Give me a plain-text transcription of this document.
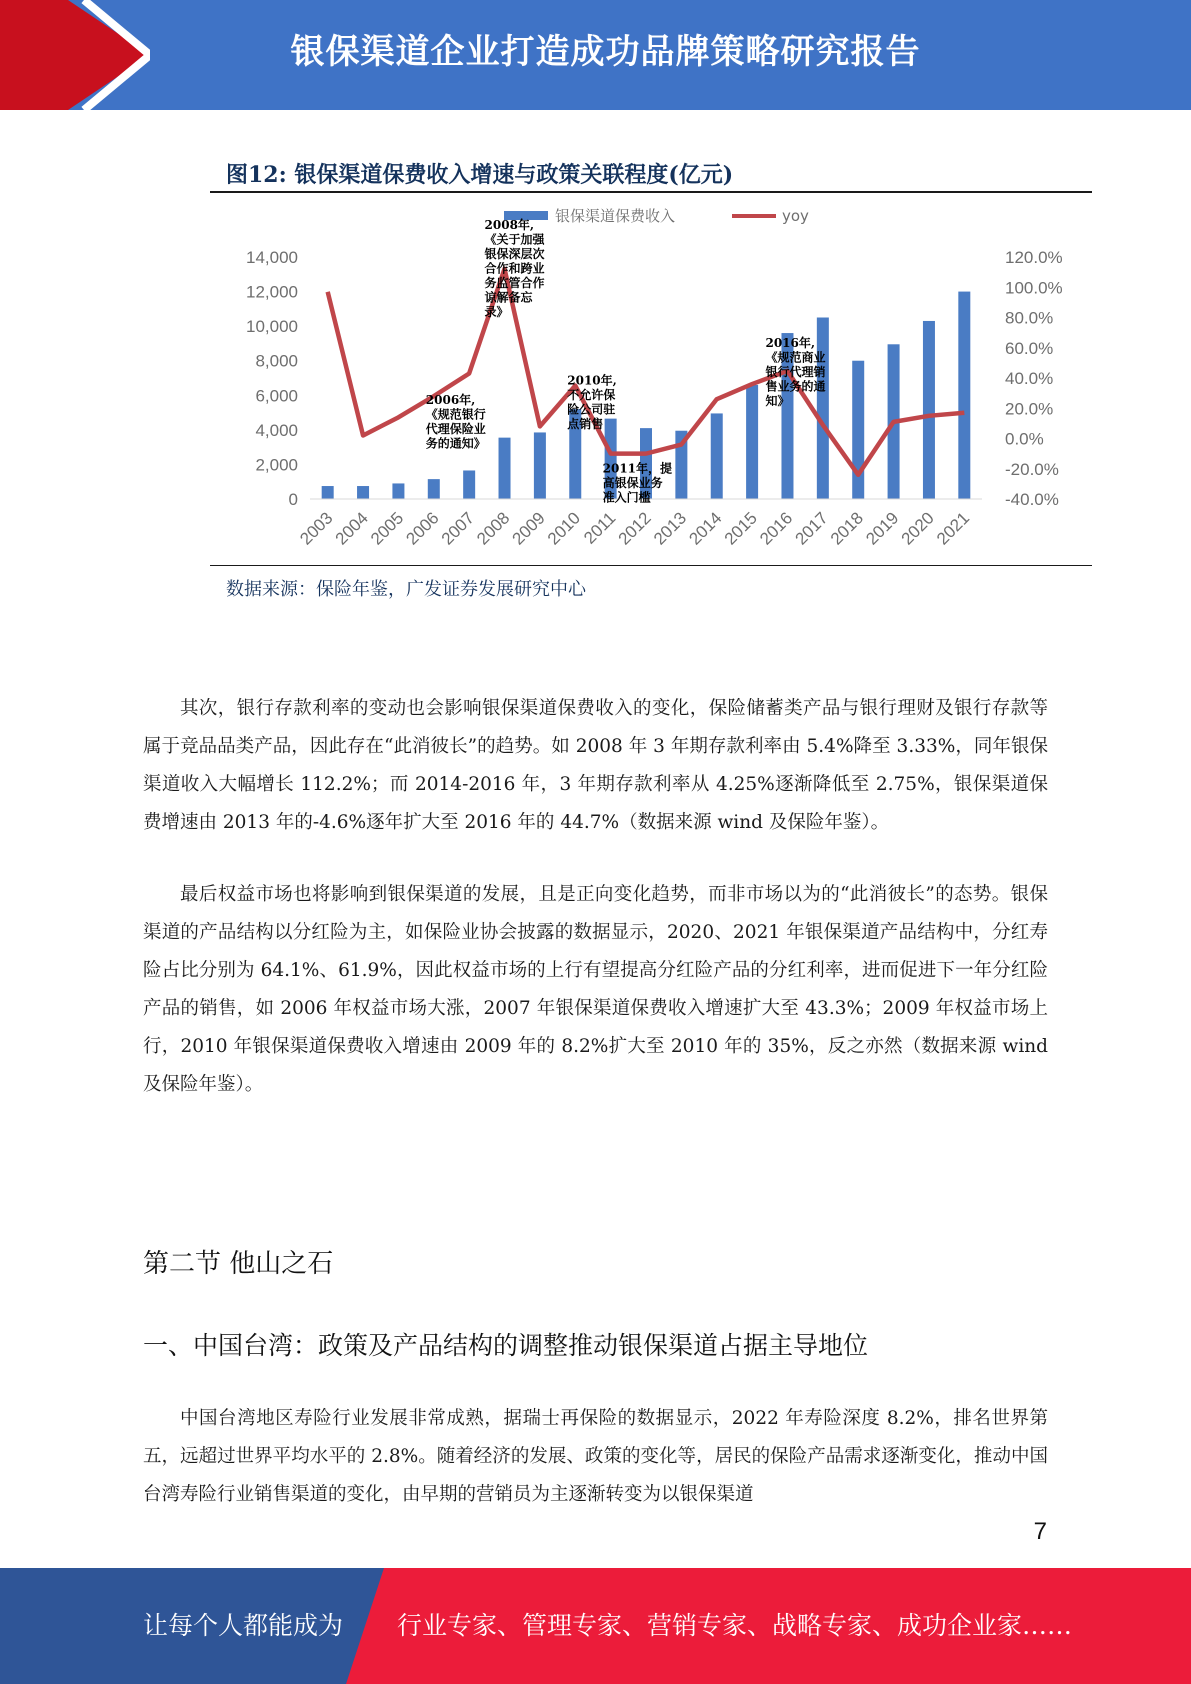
银保渠道企业打造成功品牌策略研究报告
图12: 银保渠道保费收入增速与政策关联程度(亿元)
银保渠道保费收入	yoy
0
2,000
4,000
6,000
8,000
10,000
12,000
14,000
-40.0%
-20.0%
0.0%
20.0%
40.0%
60.0%
80.0%
100.0%
120.0%
2003
2004
2005
2006
2007
2008
2009
2010
2011
2012
2013
2014
2015
2016
2017
2018
2019
2020
2021
2006年,
《规范银行
代理保险业
务的通知》
2008年,
《关于加强
银保深层次
合作和跨业
务监管合作
谅解备忘
录》
2010年,
不允许保
险公司驻
点销售
2011年，提
高银保业务
准入门槛
2016年,
《规范商业
银行代理销
售业务的通
知》
数据来源：保险年鉴，广发证券发展研究中心

其次，银行存款利率的变动也会影响银保渠道保费收入的变化，保险储蓄类产品与银行理财及银行存款等属于竞品品类产品，因此存在“此消彼长”的趋势。如 2008 年 3 年期存款利率由 5.4%降至 3.33%，同年银保渠道收入大幅增长 112.2%；而 2014-2016 年，3 年期存款利率从 4.25%逐渐降低至 2.75%，银保渠道保费增速由 2013 年的-4.6%逐年扩大至 2016 年的 44.7%（数据来源 wind 及保险年鉴）。

最后权益市场也将影响到银保渠道的发展，且是正向变化趋势，而非市场以为的“此消彼长”的态势。银保渠道的产品结构以分红险为主，如保险业协会披露的数据显示，2020、2021 年银保渠道产品结构中，分红寿险占比分别为 64.1%、61.9%，因此权益市场的上行有望提高分红险产品的分红利率，进而促进下一年分红险产品的销售，如 2006 年权益市场大涨，2007 年银保渠道保费收入增速扩大至 43.3%；2009 年权益市场上行，2010 年银保渠道保费收入增速由 2009 年的 8.2%扩大至 2010 年的 35%，反之亦然（数据来源 wind 及保险年鉴）。

第二节 他山之石
一、中国台湾：政策及产品结构的调整推动银保渠道占据主导地位

中国台湾地区寿险行业发展非常成熟，据瑞士再保险的数据显示，2022 年寿险深度 8.2%，排名世界第五，远超过世界平均水平的 2.8%。随着经济的发展、政策的变化等，居民的保险产品需求逐渐变化，推动中国台湾寿险行业销售渠道的变化，由早期的营销员为主逐渐转变为以银保渠道

7
让每个人都能成为 行业专家、管理专家、营销专家、战略专家、成功企业家……
